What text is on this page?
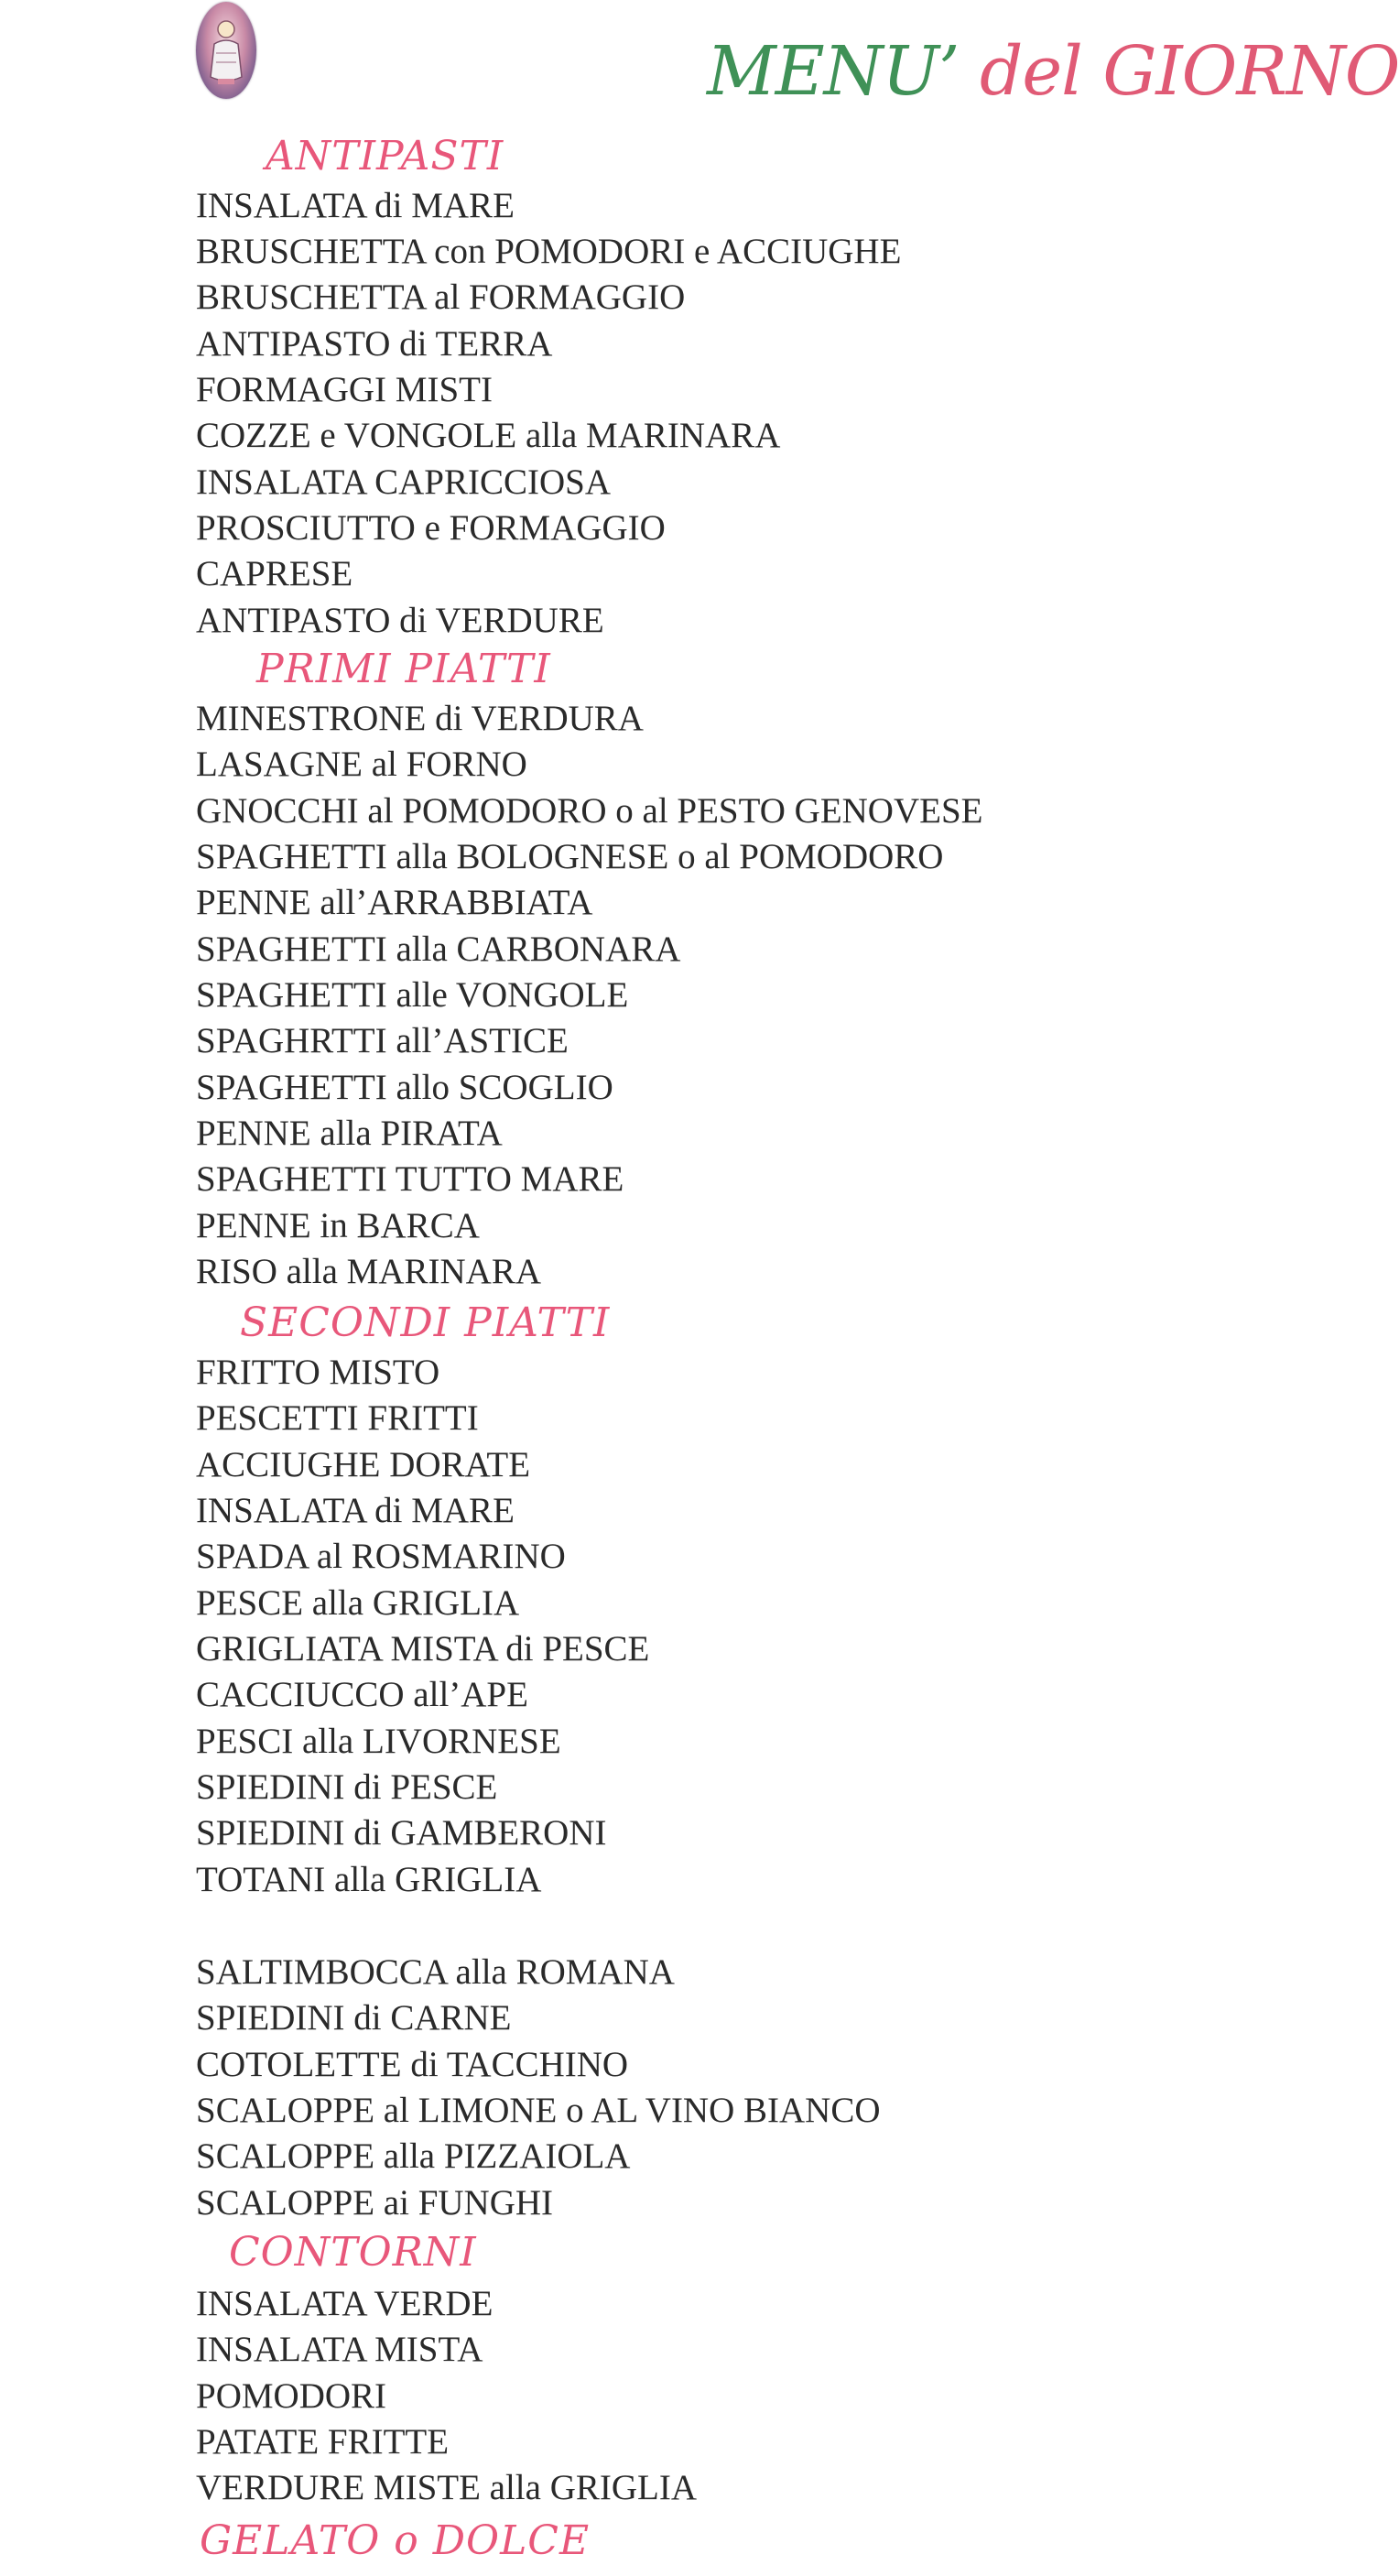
MENU’ del GIORNO
ANTIPASTI
INSALATA di MARE
BRUSCHETTA con POMODORI e ACCIUGHE
BRUSCHETTA al FORMAGGIO
ANTIPASTO di TERRA
FORMAGGI MISTI
COZZE e VONGOLE alla MARINARA
INSALATA CAPRICCIOSA
PROSCIUTTO e FORMAGGIO
CAPRESE
ANTIPASTO di VERDURE
PRIMI PIATTI
MINESTRONE di VERDURA
LASAGNE al FORNO
GNOCCHI al POMODORO o al PESTO GENOVESE
SPAGHETTI alla BOLOGNESE o al POMODORO
PENNE all’ARRABBIATA
SPAGHETTI alla CARBONARA
SPAGHETTI alle VONGOLE
SPAGHRTTI all’ASTICE
SPAGHETTI allo SCOGLIO
PENNE alla PIRATA
SPAGHETTI TUTTO MARE
PENNE in BARCA
RISO alla MARINARA
SECONDI PIATTI
FRITTO MISTO
PESCETTI FRITTI
ACCIUGHE DORATE
INSALATA di MARE
SPADA al ROSMARINO
PESCE alla GRIGLIA
GRIGLIATA MISTA di PESCE
CACCIUCCO all’APE
PESCI alla LIVORNESE
SPIEDINI di PESCE
SPIEDINI di GAMBERONI
TOTANI alla GRIGLIA
SALTIMBOCCA alla ROMANA
SPIEDINI di CARNE
COTOLETTE di TACCHINO
SCALOPPE al LIMONE o AL VINO BIANCO
SCALOPPE alla PIZZAIOLA
SCALOPPE ai FUNGHI
CONTORNI
INSALATA VERDE
INSALATA MISTA
POMODORI
PATATE FRITTE
VERDURE MISTE alla GRIGLIA
GELATO o DOLCE
